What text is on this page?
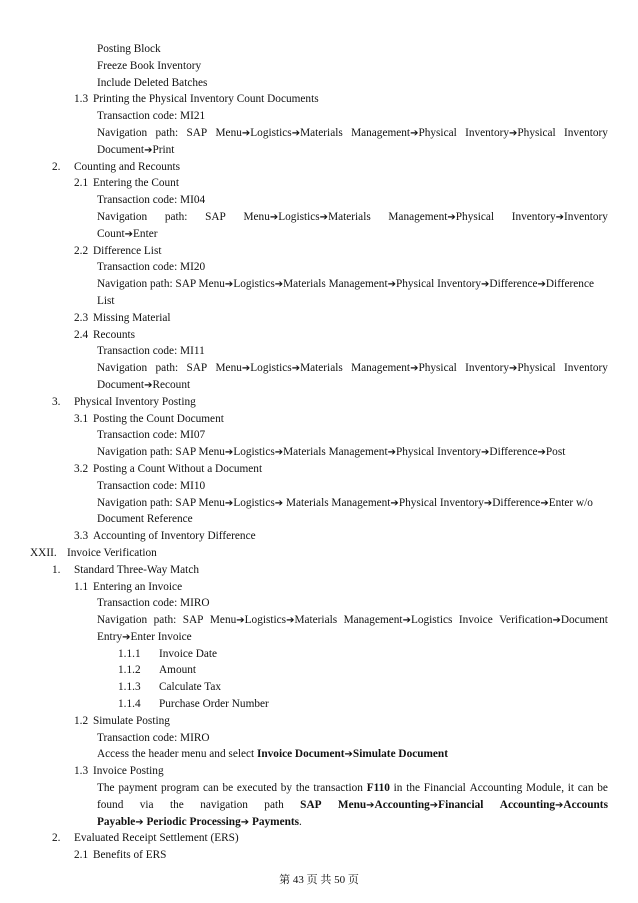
Posting Block
Freeze Book Inventory
Include Deleted Batches
1.3 Printing the Physical Inventory Count Documents
Transaction code: MI21
Navigation path: SAP Menu➔Logistics➔Materials Management➔Physical Inventory➔Physical Inventory
Document➔Print
2. Counting and Recounts
2.1 Entering the Count
Transaction code: MI04
Navigation path: SAP Menu➔Logistics➔Materials Management➔Physical Inventory➔Inventory
Count➔Enter
2.2 Difference List
Transaction code: MI20
Navigation path: SAP Menu➔Logistics➔Materials Management➔Physical Inventory➔Difference➔Difference
List
2.3 Missing Material
2.4 Recounts
Transaction code: MI11
Navigation path: SAP Menu➔Logistics➔Materials Management➔Physical Inventory➔Physical Inventory
Document➔Recount
3. Physical Inventory Posting
3.1 Posting the Count Document
Transaction code: MI07
Navigation path: SAP Menu➔Logistics➔Materials Management➔Physical Inventory➔Difference➔Post
3.2 Posting a Count Without a Document
Transaction code: MI10
Navigation path: SAP Menu➔Logistics➔ Materials Management➔Physical Inventory➔Difference➔Enter w/o
Document Reference
3.3 Accounting of Inventory Difference
XXII. Invoice Verification
1. Standard Three-Way Match
1.1 Entering an Invoice
Transaction code: MIRO
Navigation path: SAP Menu➔Logistics➔Materials Management➔Logistics Invoice Verification➔Document
Entry➔Enter Invoice
1.1.1 Invoice Date
1.1.2 Amount
1.1.3 Calculate Tax
1.1.4 Purchase Order Number
1.2 Simulate Posting
Transaction code: MIRO
Access the header menu and select Invoice Document➔Simulate Document
1.3 Invoice Posting
The payment program can be executed by the transaction F110 in the Financial Accounting Module, it can be
found via the navigation path SAP Menu➔Accounting➔Financial Accounting➔Accounts
Payable➔ Periodic Processing➔ Payments.
2. Evaluated Receipt Settlement (ERS)
2.1 Benefits of ERS
第 43 页 共 50 页
